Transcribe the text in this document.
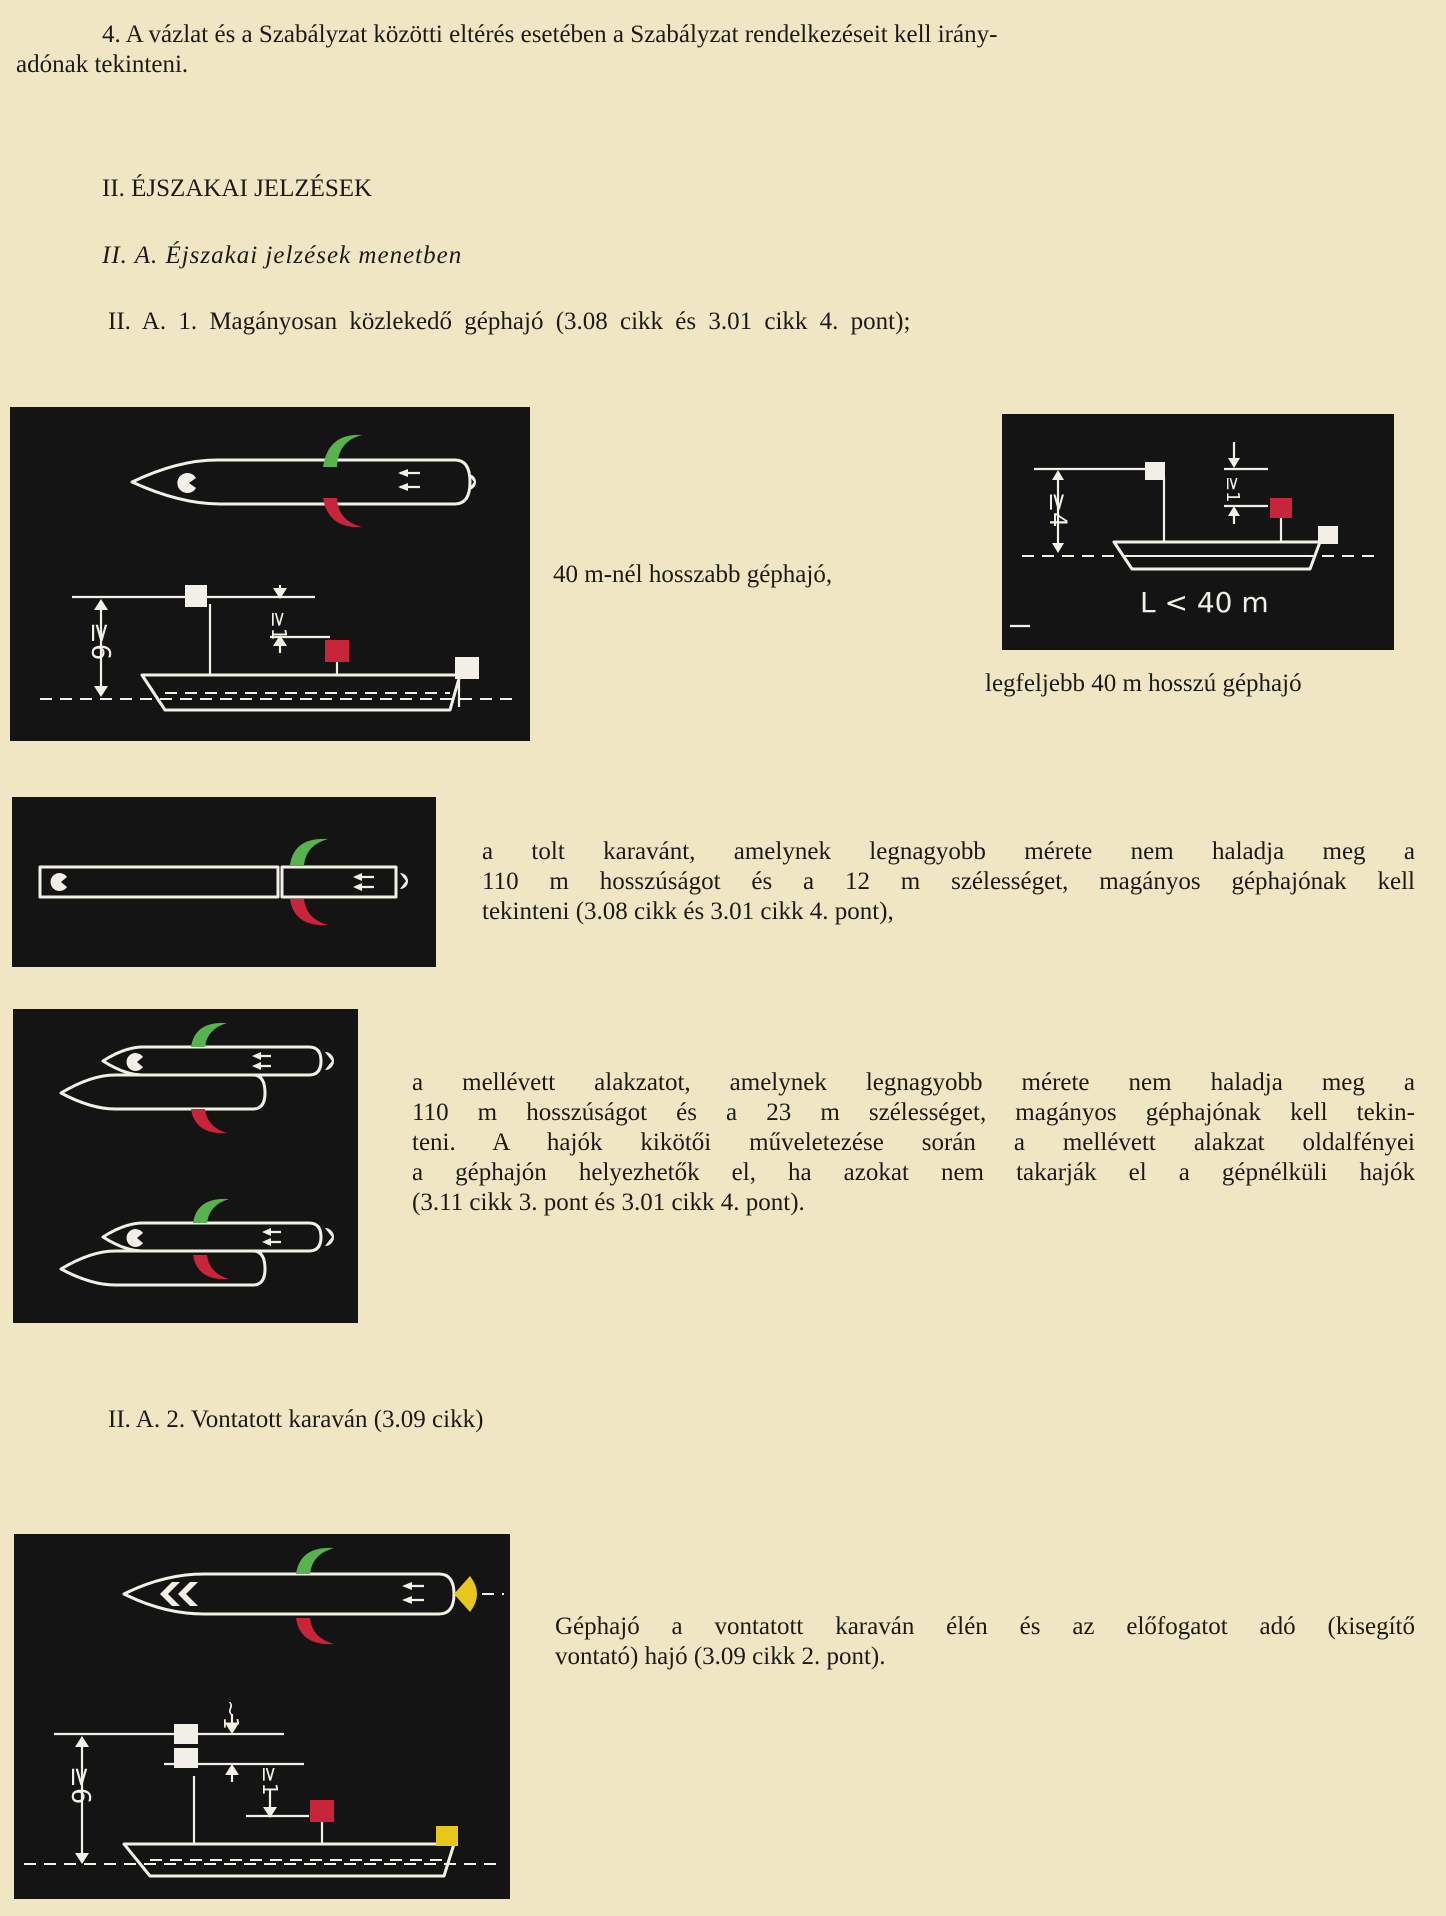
4. A vázlat és a Szabályzat közötti eltérés esetében a Szabályzat rendelkezéseit kell irány-
adónak tekinteni.
II. ÉJSZAKAI JELZÉSEK
II. A. Éjszakai jelzések menetben
II. A. 1. Magányosan közlekedő géphajó (3.08 cikk és 3.01 cikk 4. pont);
≥6	≥1
40 m-nél hosszabb géphajó,
≥4
≥1
L < 40 m
legfeljebb 40 m hosszú géphajó
a tolt karavánt, amelynek legnagyobb mérete nem haladja meg a
110 m hosszúságot és a 12 m szélességet, magányos géphajónak kell
tekinteni (3.08 cikk és 3.01 cikk 4. pont),
a mellévett alakzatot, amelynek legnagyobb mérete nem haladja meg a
110 m hosszúságot és a 23 m szélességet, magányos géphajónak kell tekin-
teni. A hajók kikötői műveletezése során a mellévett alakzat oldalfényei
a géphajón helyezhetők el, ha azokat nem takarják el a gépnélküli hajók
(3.11 cikk 3. pont és 3.01 cikk 4. pont).
II. A. 2. Vontatott karaván (3.09 cikk)
≥6
~1
≥1
Géphajó a vontatott karaván élén és az előfogatot adó (kisegítő
vontató) hajó (3.09 cikk 2. pont).
